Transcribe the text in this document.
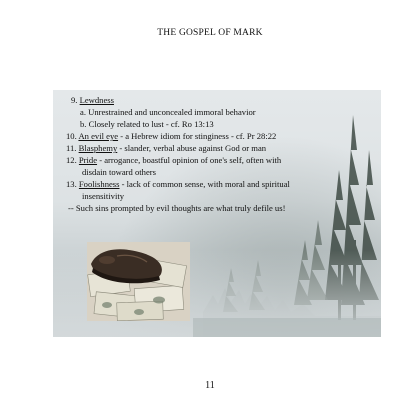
THE GOSPEL OF MARK
9. Lewdness
a. Unrestrained and unconcealed immoral behavior
b. Closely related to lust - cf. Ro 13:13
10. An evil eye - a Hebrew idiom for stinginess - cf. Pr 28:22
11. Blasphemy - slander, verbal abuse against God or man
12. Pride - arrogance, boastful opinion of one's self, often with
disdain toward others
13. Foolishness - lack of common sense, with moral and spiritual
insensitivity
-- Such sins prompted by evil thoughts are what truly defile us!
11
